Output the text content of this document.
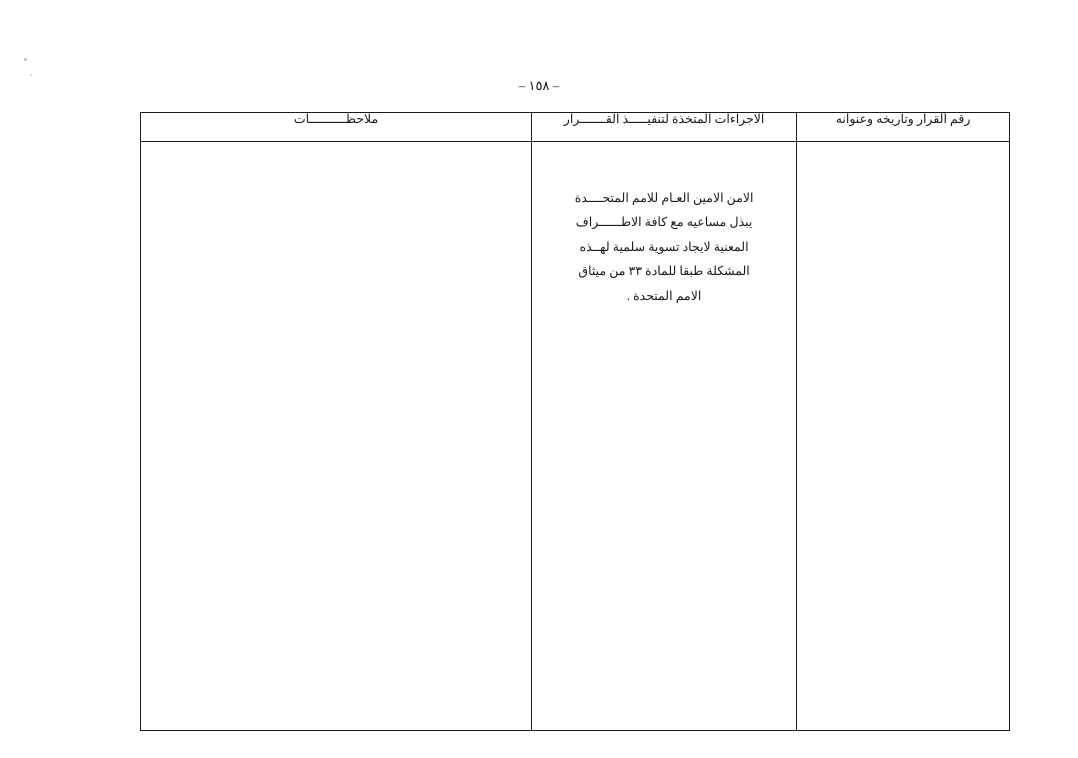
– ١٥٨ –
رقم القرار وتاريخه وعنوانه	الاجراءات المتخذة لتنفيـــــذ القـــــــرار	ملاحظــــــــــات

	الامن الامين العـام للامم المتحــــدة

يبذل مساعيه مع كافة الاطــــــراف

المعنية لايجاد تسوية سلمية لهــذه

المشكلة طبقا للمادة ٣٣ من ميثاق

الامم المتحدة .	
